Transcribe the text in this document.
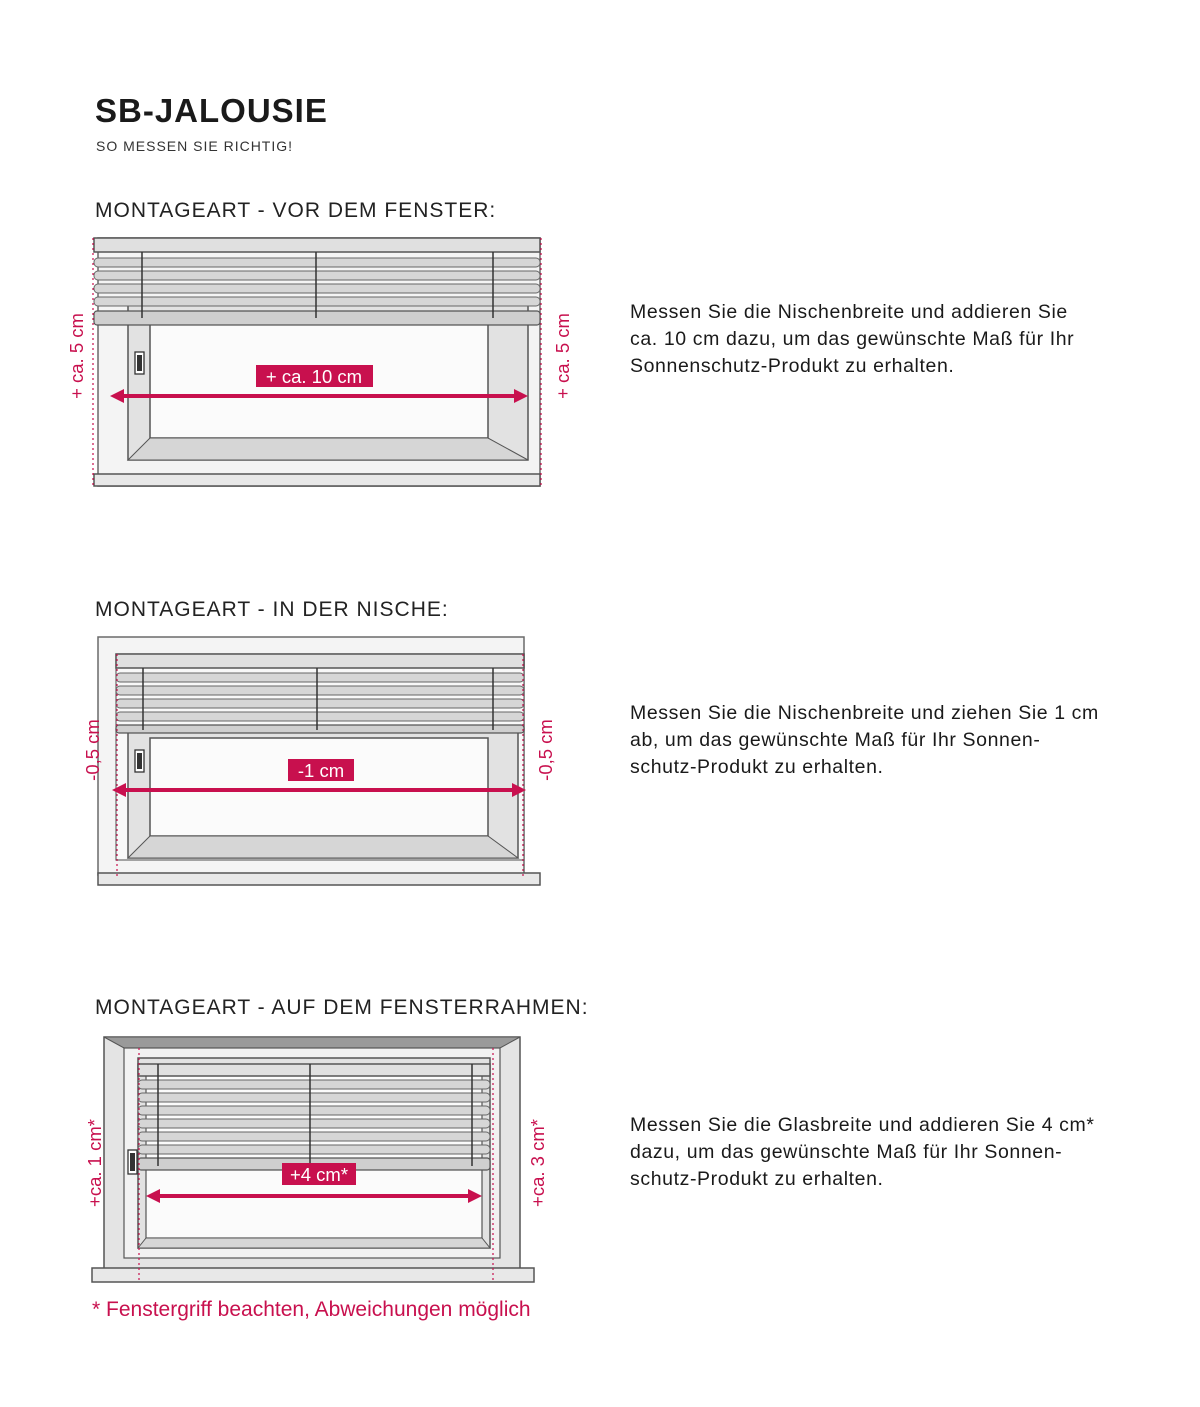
SB-JALOUSIE
SO MESSEN SIE RICHTIG!
MONTAGEART - VOR DEM FENSTER:
+ ca. 10 cm
+ ca. 5 cm	+ ca. 5 cm
Messen Sie die Nischenbreite und addieren Sie
ca. 10 cm dazu, um das gewünschte Maß für Ihr
Sonnenschutz-Produkt zu erhalten.
MONTAGEART - IN DER NISCHE:
-1 cm
-0,5 cm	-0,5 cm
Messen Sie die Nischenbreite und ziehen Sie 1 cm
ab, um das gewünschte Maß für Ihr Sonnen-
schutz-Produkt zu erhalten.
MONTAGEART - AUF DEM FENSTERRAHMEN:
+4 cm*
+ca. 1 cm*	+ca. 3 cm*	Messen Sie die Glasbreite und addieren Sie 4 cm*
dazu, um das gewünschte Maß für Ihr Sonnen-
schutz-Produkt zu erhalten.
* Fenstergriff beachten, Abweichungen möglich
